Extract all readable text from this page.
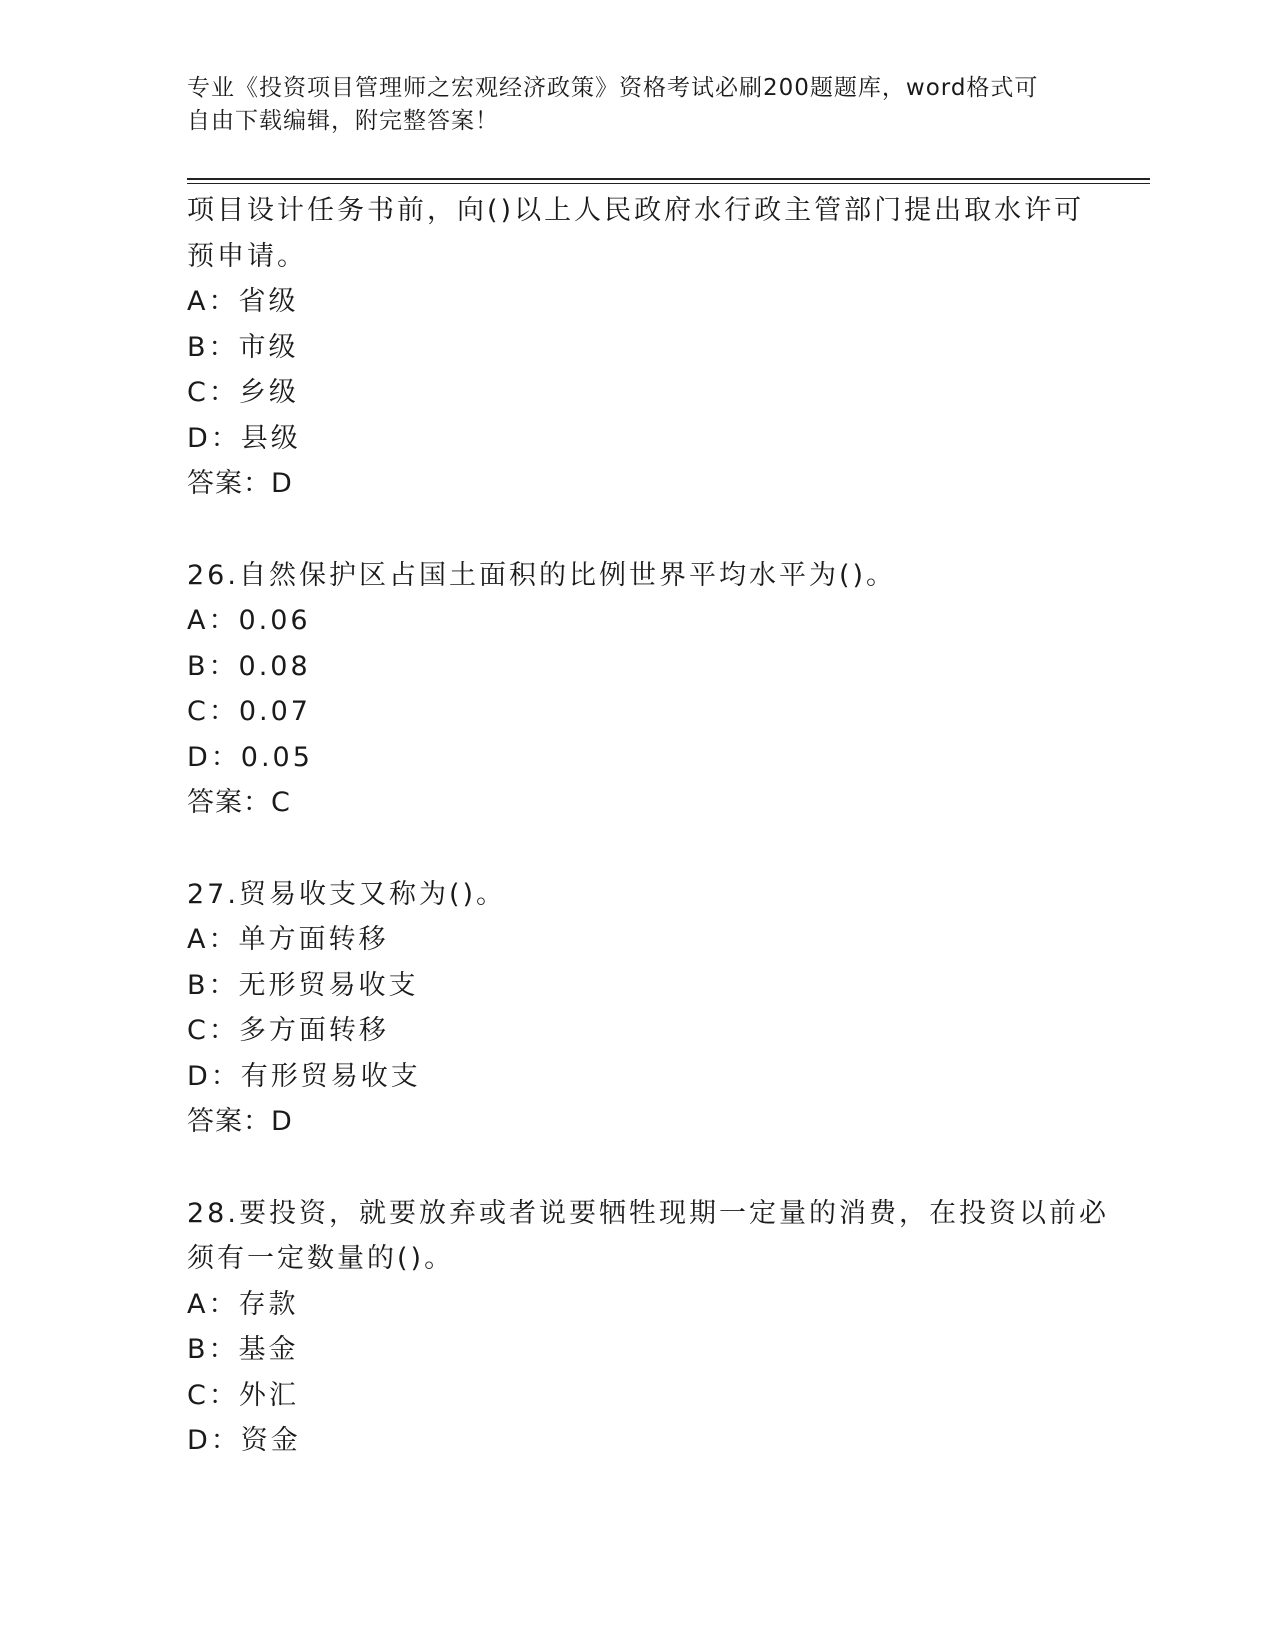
专业《投资项目管理师之宏观经济政策》资格考试必刷200题题库，word格式可
自由下载编辑，附完整答案！
项目设计任务书前，向()以上人民政府水行政主管部门提出取水许可
预申请。
A：省级
B：市级
C：乡级
D：县级
答案：D
26.自然保护区占国土面积的比例世界平均水平为()。
A：0.06
B：0.08
C：0.07
D：0.05
答案：C
27.贸易收支又称为()。
A：单方面转移
B：无形贸易收支
C：多方面转移
D：有形贸易收支
答案：D
28.要投资，就要放弃或者说要牺牲现期一定量的消费，在投资以前必
须有一定数量的()。
A：存款
B：基金
C：外汇
D：资金
